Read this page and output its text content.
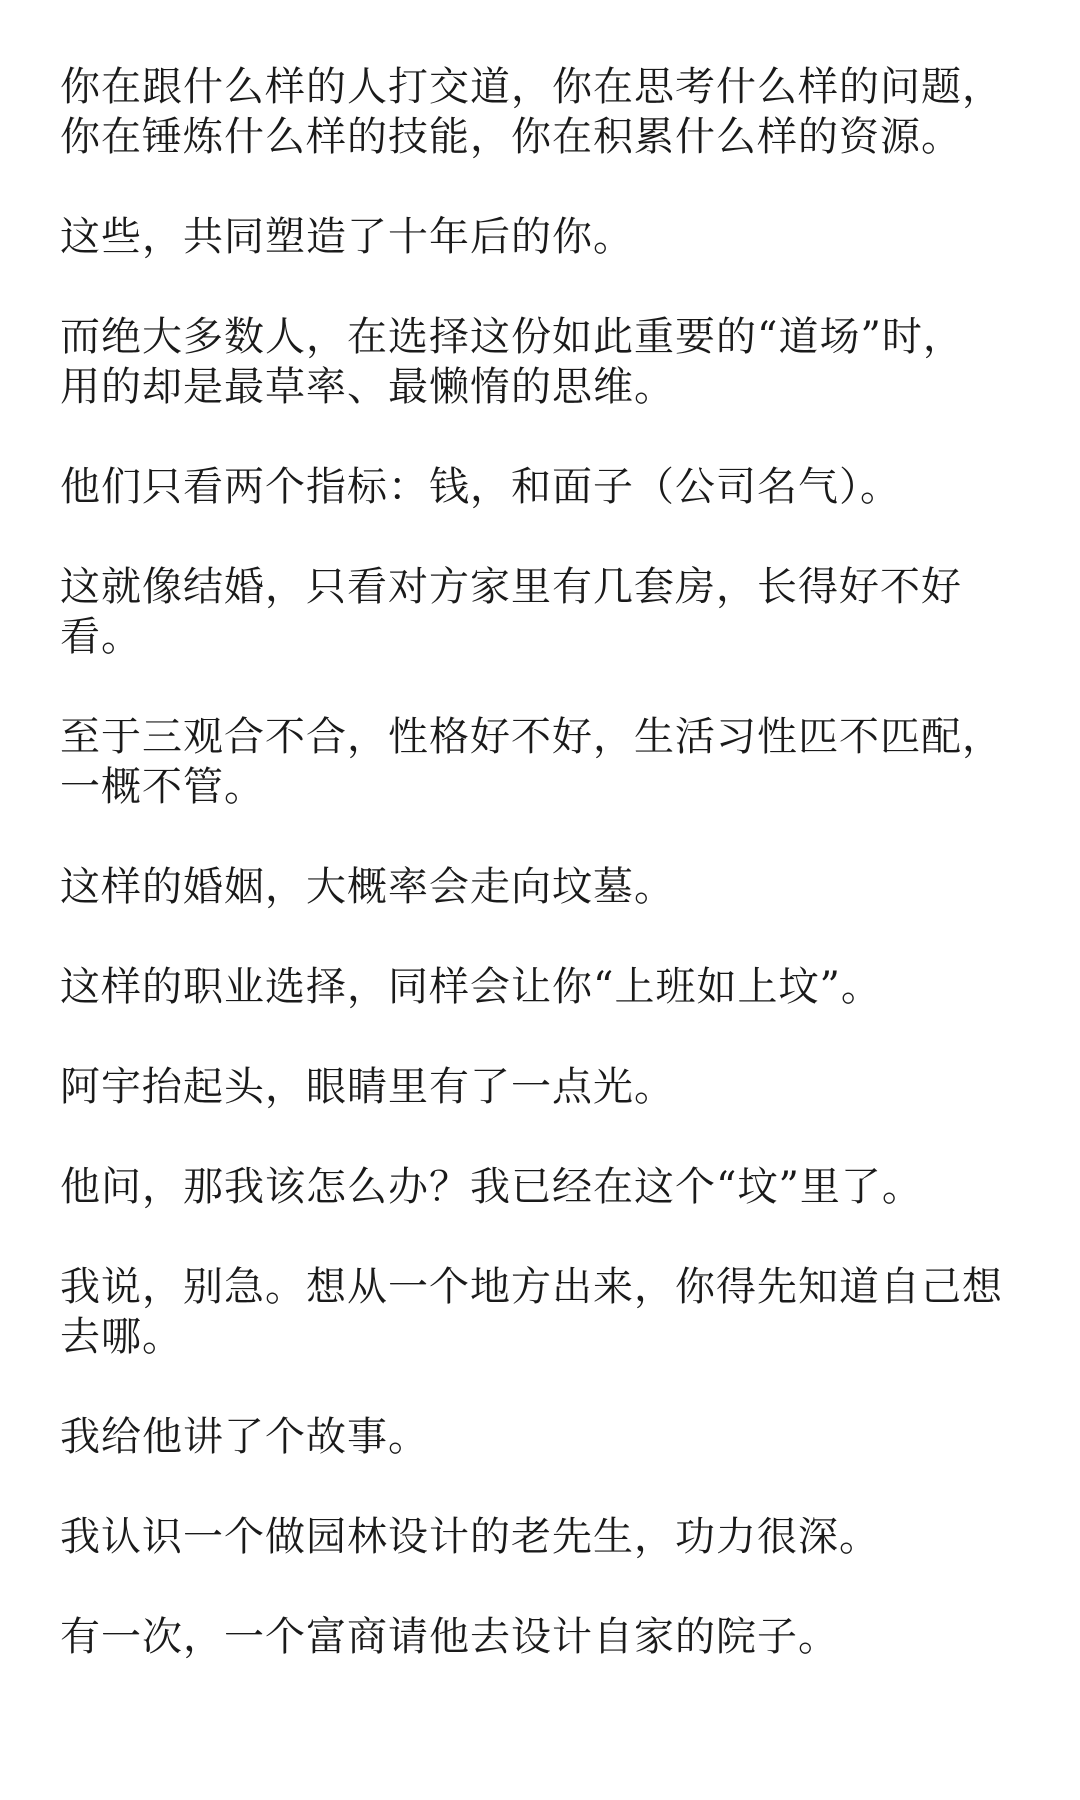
你在跟什么样的人打交道，你在思考什么样的问题，
你在锤炼什么样的技能，你在积累什么样的资源。

这些，共同塑造了十年后的你。

而绝大多数人，在选择这份如此重要的“道场”时，
用的却是最草率、最懒惰的思维。

他们只看两个指标：钱，和面子（公司名气）。

这就像结婚，只看对方家里有几套房，长得好不好
看。

至于三观合不合，性格好不好，生活习性匹不匹配，
一概不管。

这样的婚姻，大概率会走向坟墓。

这样的职业选择，同样会让你“上班如上坟”。

阿宇抬起头，眼睛里有了一点光。

他问，那我该怎么办？我已经在这个“坟”里了。

我说，别急。想从一个地方出来，你得先知道自己想
去哪。

我给他讲了个故事。

我认识一个做园林设计的老先生，功力很深。

有一次，一个富商请他去设计自家的院子。
